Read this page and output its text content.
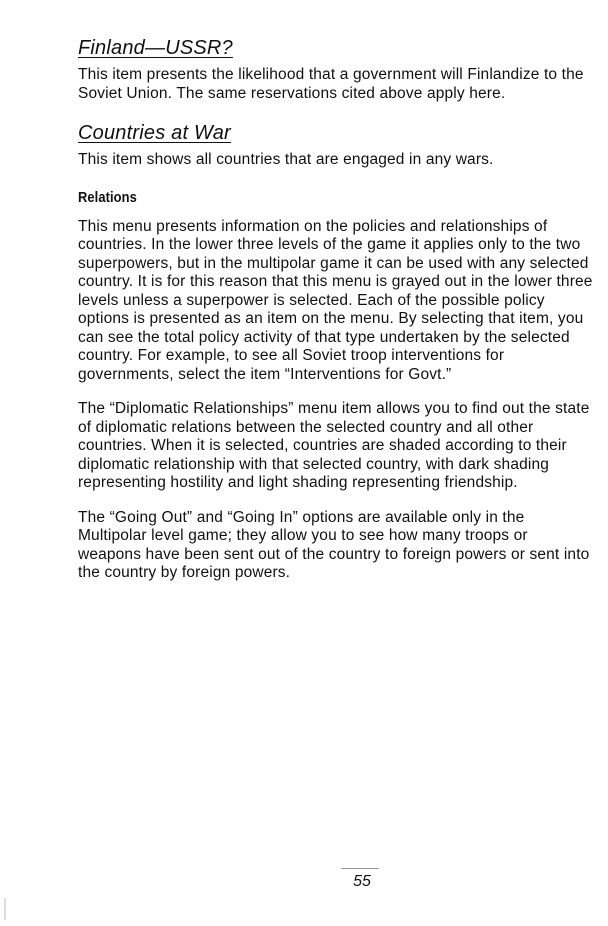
Finland—USSR?

This item presents the likelihood that a government will Finlandize to the Soviet Union. The same reservations cited above apply here.

Countries at War

This item shows all countries that are engaged in any wars.

Relations

This menu presents information on the policies and relationships of countries. In the lower three levels of the game it applies only to the two superpowers, but in the multipolar game it can be used with any selected country. It is for this reason that this menu is grayed out in the lower three levels unless a superpower is selected. Each of the possible policy options is presented as an item on the menu. By selecting that item, you can see the total policy activity of that type undertaken by the selected country. For example, to see all Soviet troop interventions for governments, select the item “Interventions for Govt.”

The “Diplomatic Relationships” menu item allows you to find out the state of diplomatic relations between the selected country and all other countries. When it is selected, countries are shaded according to their diplomatic relationship with that selected country, with dark shading representing hostility and light shading representing friendship.

The “Going Out” and “Going In” options are available only in the Multipolar level game; they allow you to see how many troops or weapons have been sent out of the country to foreign powers or sent into the country by foreign powers.

55
